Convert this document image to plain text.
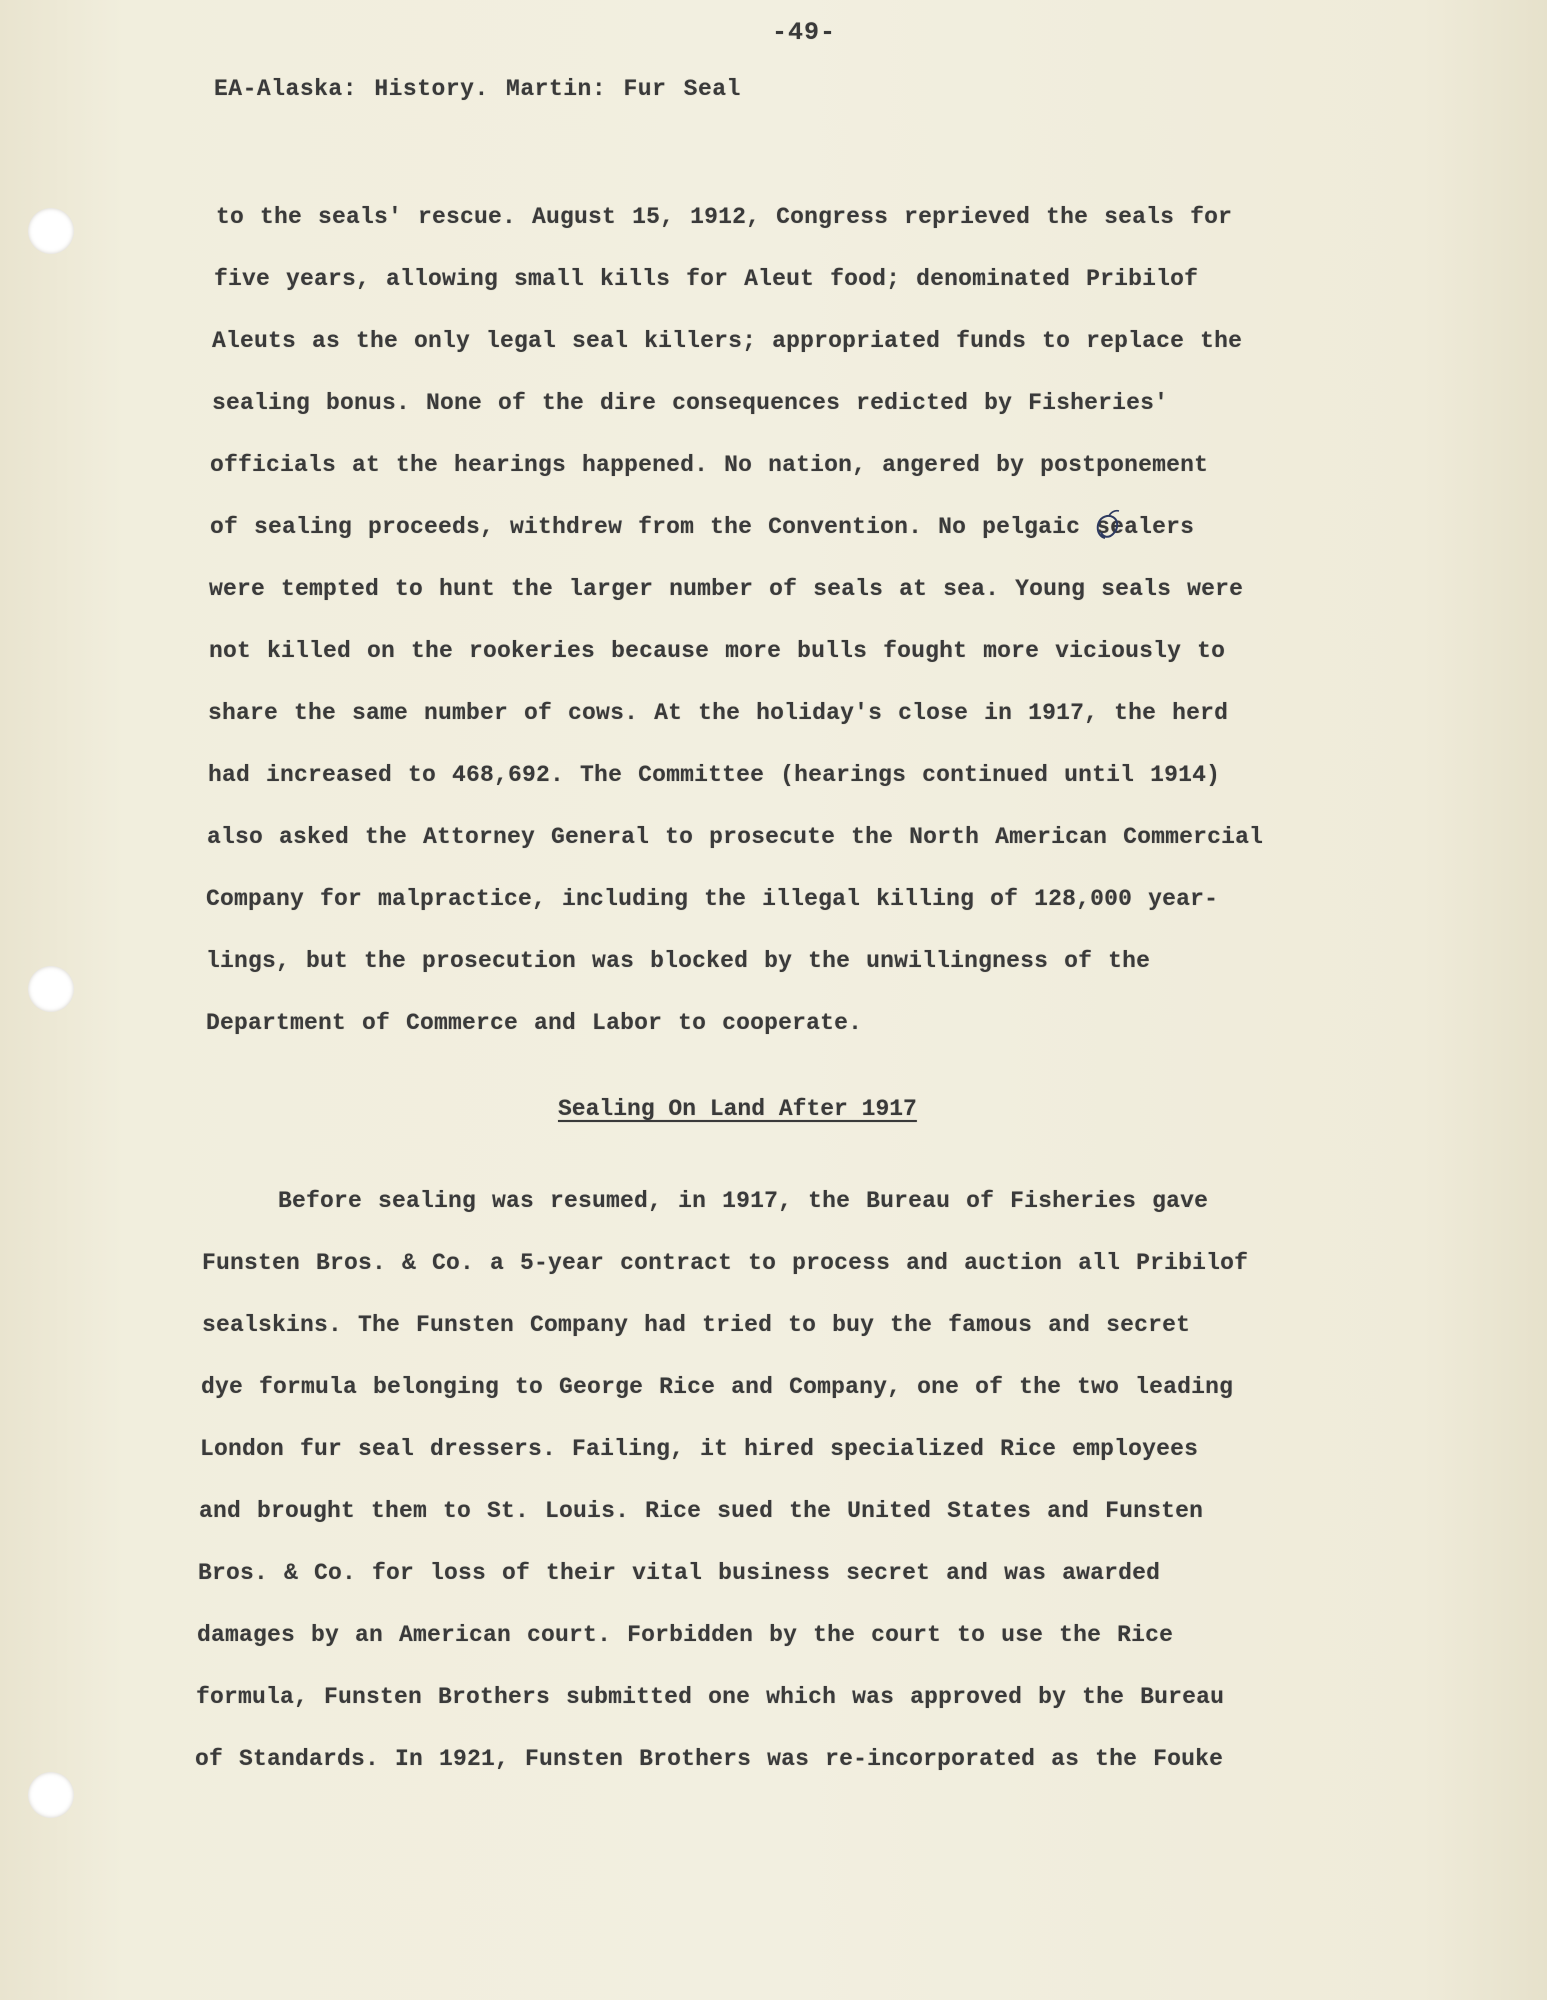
-49-
EA-Alaska: History. Martin: Fur Seal
to the seals' rescue. August 15, 1912, Congress reprieved the seals for
five years, allowing small kills for Aleut food; denominated Pribilof
Aleuts as the only legal seal killers; appropriated funds to replace the
sealing bonus. None of the dire consequences redicted by Fisheries'
officials at the hearings happened. No nation, angered by postponement
of sealing proceeds, withdrew from the Convention. No pelgaic sealers
were tempted to hunt the larger number of seals at sea. Young seals were
not killed on the rookeries because more bulls fought more viciously to
share the same number of cows. At the holiday's close in 1917, the herd
had increased to 468,692. The Committee (hearings continued until 1914)
also asked the Attorney General to prosecute the North American Commercial
Company for malpractice, including the illegal killing of 128,000 year-
lings, but the prosecution was blocked by the unwillingness of the
Department of Commerce and Labor to cooperate.
Sealing On Land After 1917
Before sealing was resumed, in 1917, the Bureau of Fisheries gave
Funsten Bros. & Co. a 5-year contract to process and auction all Pribilof
sealskins. The Funsten Company had tried to buy the famous and secret
dye formula belonging to George Rice and Company, one of the two leading
London fur seal dressers. Failing, it hired specialized Rice employees
and brought them to St. Louis. Rice sued the United States and Funsten
Bros. & Co. for loss of their vital business secret and was awarded
damages by an American court. Forbidden by the court to use the Rice
formula, Funsten Brothers submitted one which was approved by the Bureau
of Standards. In 1921, Funsten Brothers was re-incorporated as the Fouke
